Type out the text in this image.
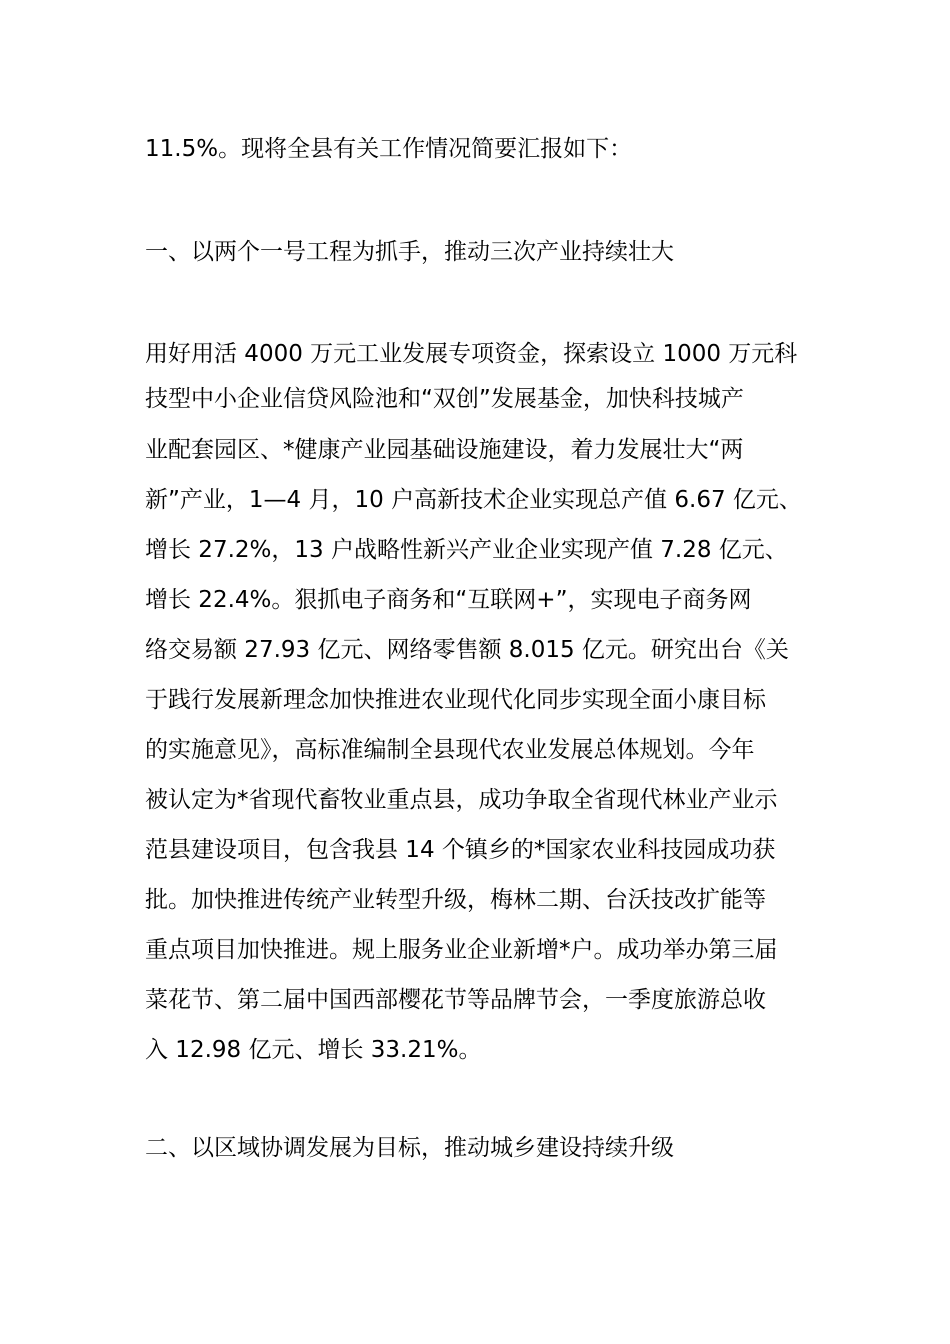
11.5%。现将全县有关工作情况简要汇报如下：
一、以两个一号工程为抓手，推动三次产业持续壮大
用好用活 4000 万元工业发展专项资金，探索设立 1000 万元科
技型中小企业信贷风险池和“双创”发展基金，加快科技城产
业配套园区、*健康产业园基础设施建设，着力发展壮大“两
新”产业，1—4 月，10 户高新技术企业实现总产值 6.67 亿元、
增长 27.2%，13 户战略性新兴产业企业实现产值 7.28 亿元、
增长 22.4%。狠抓电子商务和“互联网+”，实现电子商务网
络交易额 27.93 亿元、网络零售额 8.015 亿元。研究出台《关
于践行发展新理念加快推进农业现代化同步实现全面小康目标
的实施意见》，高标准编制全县现代农业发展总体规划。今年
被认定为*省现代畜牧业重点县，成功争取全省现代林业产业示
范县建设项目，包含我县 14 个镇乡的*国家农业科技园成功获
批。加快推进传统产业转型升级，梅林二期、台沃技改扩能等
重点项目加快推进。规上服务业企业新增*户。成功举办第三届
菜花节、第二届中国西部樱花节等品牌节会，一季度旅游总收
入 12.98 亿元、增长 33.21%。
二、以区域协调发展为目标，推动城乡建设持续升级
